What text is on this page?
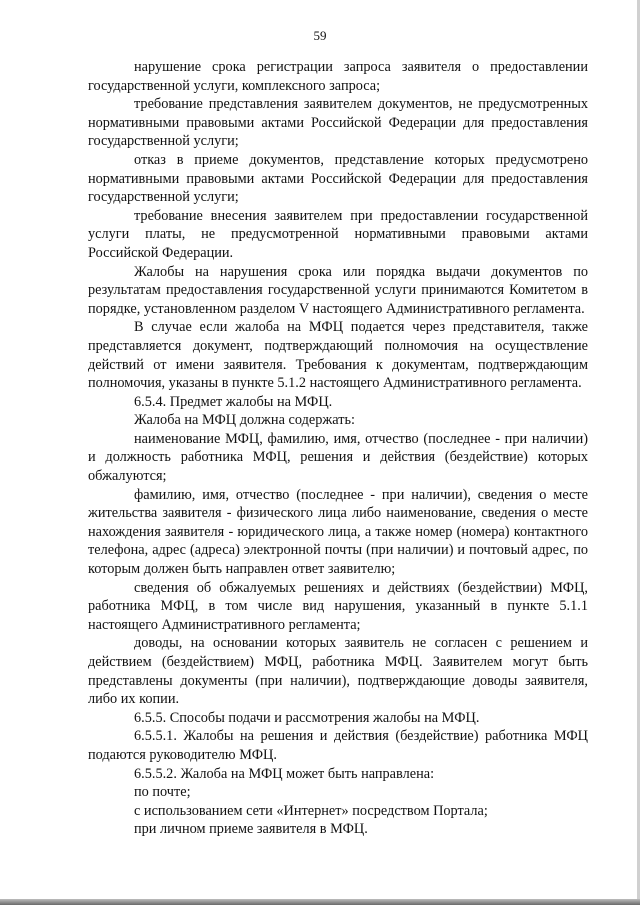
59

нарушение срока регистрации запроса заявителя о предоставлении государственной услуги, комплексного запроса;

требование представления заявителем документов, не предусмотренных нормативными правовыми актами Российской Федерации для предоставления государственной услуги;

отказ в приеме документов, представление которых предусмотрено нормативными правовыми актами Российской Федерации для предоставления государственной услуги;

требование внесения заявителем при предоставлении государственной услуги платы, не предусмотренной нормативными правовыми актами Российской Федерации.

Жалобы на нарушения срока или порядка выдачи документов по результатам предоставления государственной услуги принимаются Комитетом в порядке, установленном разделом V настоящего Административного регламента.

В случае если жалоба на МФЦ подается через представителя, также представляется документ, подтверждающий полномочия на осуществление действий от имени заявителя. Требования к документам, подтверждающим полномочия, указаны в пункте 5.1.2 настоящего Административного регламента.

6.5.4. Предмет жалобы на МФЦ.

Жалоба на МФЦ должна содержать:

наименование МФЦ, фамилию, имя, отчество (последнее - при наличии) и должность работника МФЦ, решения и действия (бездействие) которых обжалуются;

фамилию, имя, отчество (последнее - при наличии), сведения о месте жительства заявителя - физического лица либо наименование, сведения о месте нахождения заявителя - юридического лица, а также номер (номера) контактного телефона, адрес (адреса) электронной почты (при наличии) и почтовый адрес, по которым должен быть направлен ответ заявителю;

сведения об обжалуемых решениях и действиях (бездействии) МФЦ, работника МФЦ, в том числе вид нарушения, указанный в пункте 5.1.1 настоящего Административного регламента;

доводы, на основании которых заявитель не согласен с решением и действием (бездействием) МФЦ, работника МФЦ. Заявителем могут быть представлены документы (при наличии), подтверждающие доводы заявителя, либо их копии.

6.5.5. Способы подачи и рассмотрения жалобы на МФЦ.

6.5.5.1. Жалобы на решения и действия (бездействие) работника МФЦ подаются руководителю МФЦ.

6.5.5.2. Жалоба на МФЦ может быть направлена:

по почте;

с использованием сети «Интернет» посредством Портала;

при личном приеме заявителя в МФЦ.
